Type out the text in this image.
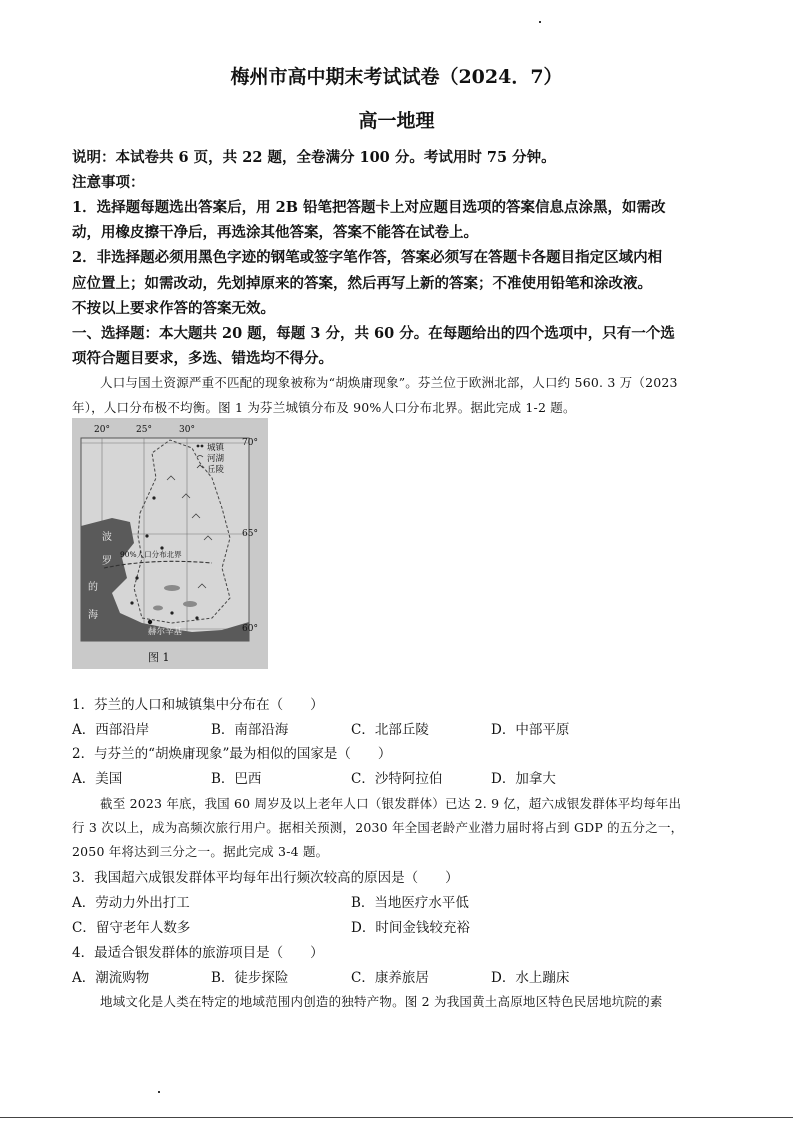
梅州市高中期末考试试卷（2024．7）
高一地理
说明：本试卷共 6 页，共 22 题，全卷满分 100 分。考试用时 75 分钟。
注意事项：
1．选择题每题选出答案后，用 2B 铅笔把答题卡上对应题目选项的答案信息点涂黑，如需改
动，用橡皮擦干净后，再选涂其他答案，答案不能答在试卷上。
2．非选择题必须用黑色字迹的钢笔或签字笔作答，答案必须写在答题卡各题目指定区域内相
应位置上；如需改动，先划掉原来的答案，然后再写上新的答案；不准使用铅笔和涂改液。
不按以上要求作答的答案无效。
一、选择题：本大题共 20 题，每题 3 分，共 60 分。在每题给出的四个选项中，只有一个选
项符合题目要求，多选、错选均不得分。
人口与国土资源严重不匹配的现象被称为“胡焕庸现象”。芬兰位于欧洲北部，人口约 560. 3 万（2023
年），人口分布极不均衡。图 1 为芬兰城镇分布及 90%人口分布北界。据此完成 1-2 题。
20°	25°	30°
70°
65°
60°
城镇
河湖
丘陵
波
罗
的
海
90%人口分布北界
赫尔辛基
图 1
1．芬兰的人口和城镇集中分布在（　　）
A．西部沿岸	B．南部沿海	C．北部丘陵	D．中部平原
2．与芬兰的“胡焕庸现象”最为相似的国家是（　　）
A．美国	B．巴西	C．沙特阿拉伯	D．加拿大
截至 2023 年底，我国 60 周岁及以上老年人口（银发群体）已达 2. 9 亿，超六成银发群体平均每年出
行 3 次以上，成为高频次旅行用户。据相关预测，2030 年全国老龄产业潜力届时将占到 GDP 的五分之一，
2050 年将达到三分之一。据此完成 3-4 题。
3．我国超六成银发群体平均每年出行频次较高的原因是（　　）
A．劳动力外出打工	B．当地医疗水平低
C．留守老年人数多	D．时间金钱较充裕
4．最适合银发群体的旅游项目是（　　）
A．潮流购物	B．徒步探险	C．康养旅居	D．水上蹦床
地域文化是人类在特定的地域范围内创造的独特产物。图 2 为我国黄土高原地区特色民居地坑院的素
